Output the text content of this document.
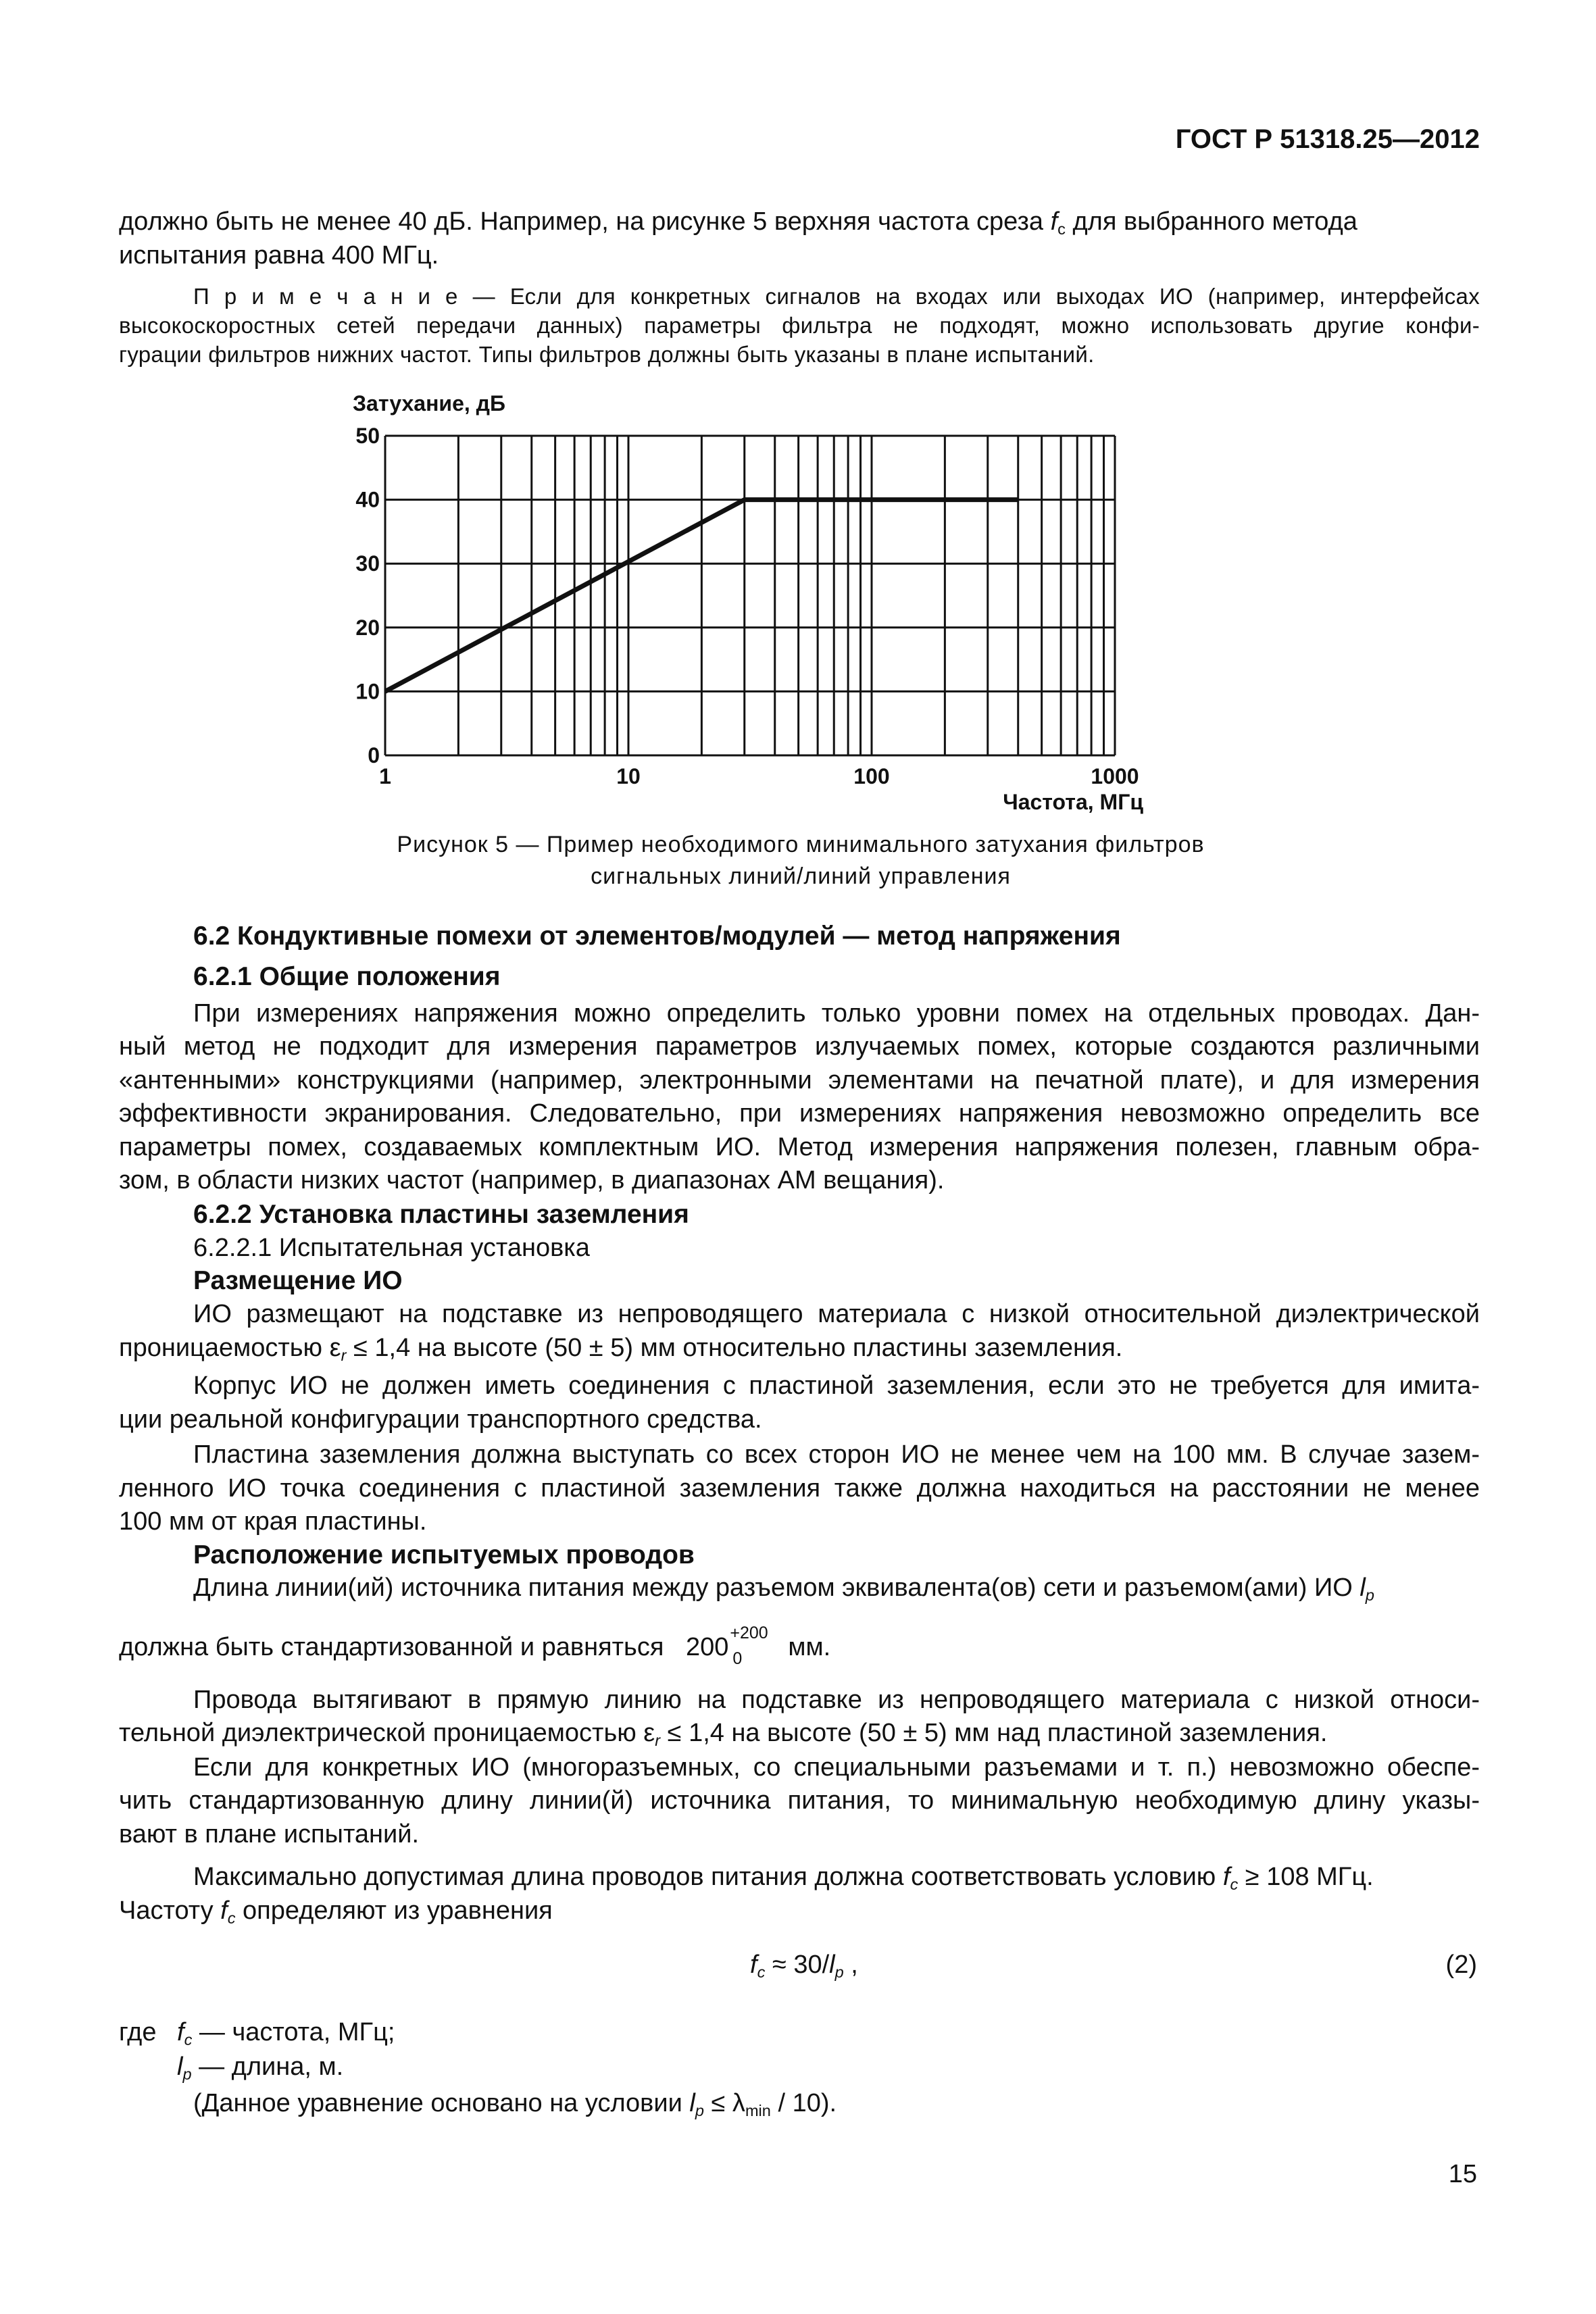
ГОСТ Р 51318.25—2012
должно быть не менее 40 дБ. Например, на рисунке 5 верхняя частота среза $f_c$ для выбранного метода
испытания равна 400 МГц.
П р и м е ч а н и е — Если для конкретных сигналов на входах или выходах ИО (например, интерфейсах
высокоскоростных сетей передачи данных) параметры фильтра не подходят, можно использовать другие конфи-
гурации фильтров нижних частот. Типы фильтров должны быть указаны в плане испытаний.
Затухание, дБ
0
10
20
30
40
50
1	10	100	1000
Частота, МГц
Рисунок 5 — Пример необходимого минимального затухания фильтров
сигнальных линий/линий управления
6.2 Кондуктивные помехи от элементов/модулей — метод напряжения
6.2.1 Общие положения
При измерениях напряжения можно определить только уровни помех на отдельных проводах. Дан-
ный метод не подходит для измерения параметров излучаемых помех, которые создаются различными
«антенными» конструкциями (например, электронными элементами на печатной плате), и для измерения
эффективности экранирования. Следовательно, при измерениях напряжения невозможно определить все
параметры помех, создаваемых комплектным ИО. Метод измерения напряжения полезен, главным обра-
зом, в области низких частот (например, в диапазонах АМ вещания).
6.2.2 Установка пластины заземления
6.2.2.1 Испытательная установка
Размещение ИО
ИО размещают на подставке из непроводящего материала с низкой относительной диэлектрической
проницаемостью $\varepsilon_r \le 1,4$ на высоте (50 ± 5) мм относительно пластины заземления.
Корпус ИО не должен иметь соединения с пластиной заземления, если это не требуется для имита-
ции реальной конфигурации транспортного средства.
Пластина заземления должна выступать со всех сторон ИО не менее чем на 100 мм. В случае зазем-
ленного ИО точка соединения с пластиной заземления также должна находиться на расстоянии не менее
100 мм от края пластины.
Расположение испытуемых проводов
Длина линии(ий) источника питания между разъемом эквивалента(ов) сети и разъемом(ами) ИО $l_p$
должна быть стандартизованной и равняться 200 +200
0 мм.
Провода вытягивают в прямую линию на подставке из непроводящего материала с низкой относи-
тельной диэлектрической проницаемостью $\varepsilon_r \le 1,4$ на высоте (50 ± 5) мм над пластиной заземления.
Если для конкретных ИО (многоразъемных, со специальными разъемами и т. п.) невозможно обеспе-
чить стандартизованную длину линии(й) источника питания, то минимальную необходимую длину указы-
вают в плане испытаний.
Максимально допустимая длина проводов питания должна соответствовать условию $f_c \ge 108$ МГц.
Частоту $f_c$ определяют из уравнения
$f_c \approx 30/l_p$ ,	(2)
где $f_c$ — частота, МГц;
$l_p$ — длина, м.
(Данное уравнение основано на условии $l_p \le \lambda_{min} / 10$).
15
